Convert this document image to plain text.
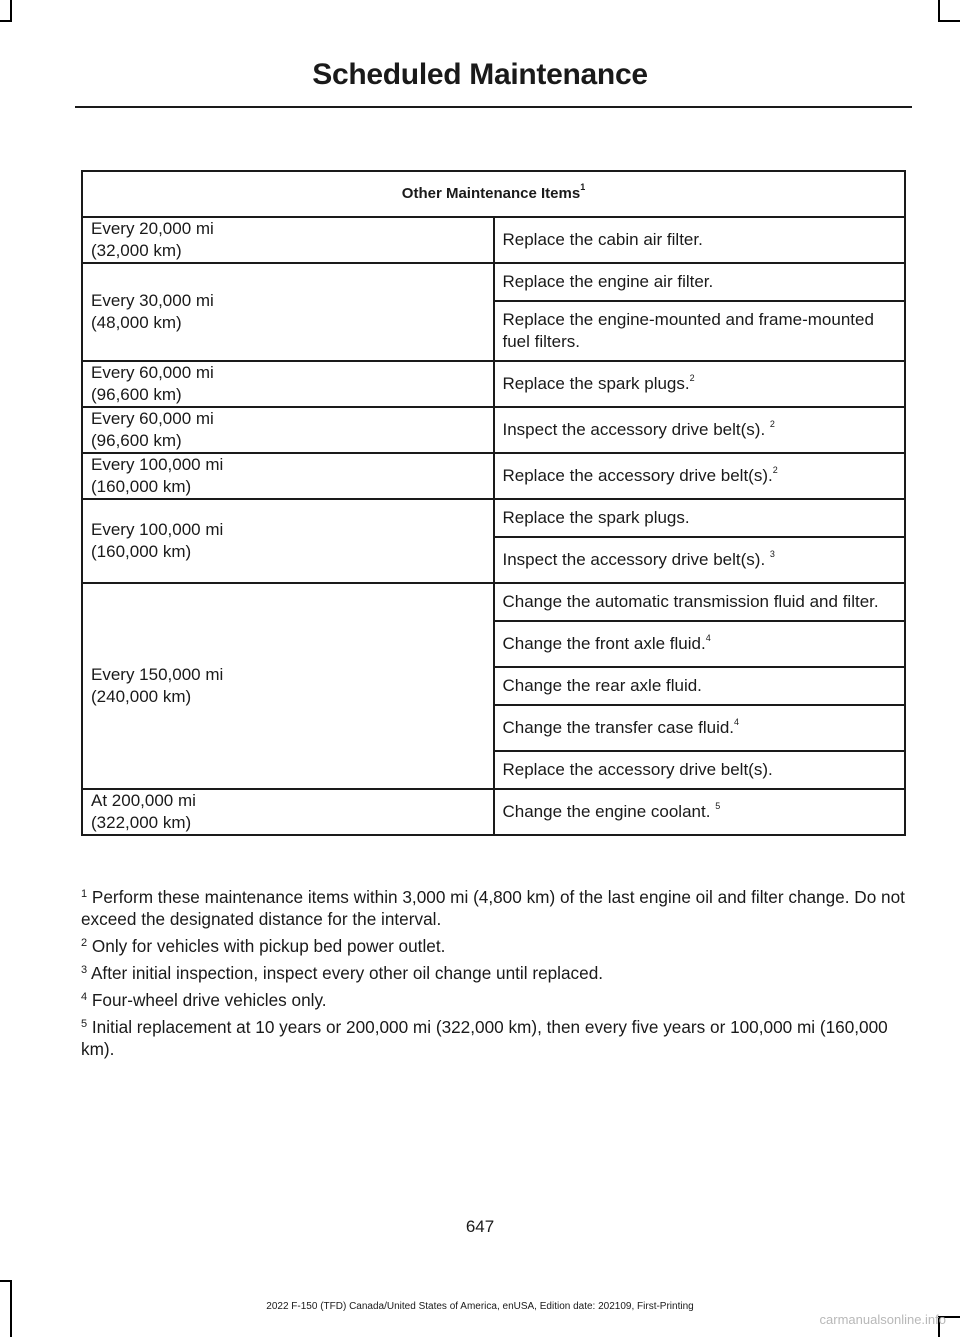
Scheduled Maintenance
Other Maintenance Items$^1$

Every 20,000 mi
(32,000 km)	Replace the cabin air filter.

Every 30,000 mi
(48,000 km)	Replace the engine air filter.
	Replace the engine-mounted and frame-mounted fuel filters.

Every 60,000 mi
(96,600 km)	Replace the spark plugs.$^2$

Every 60,000 mi
(96,600 km)	Inspect the accessory drive belt(s). $^2$

Every 100,000 mi
(160,000 km)	Replace the accessory drive belt(s).$^2$

Every 100,000 mi
(160,000 km)	Replace the spark plugs.
	Inspect the accessory drive belt(s). $^3$

Every 150,000 mi
(240,000 km)	Change the automatic transmission fluid and filter.
	Change the front axle fluid.$^4$
	Change the rear axle fluid.
	Change the transfer case fluid.$^4$
	Replace the accessory drive belt(s).

At 200,000 mi
(322,000 km)	Change the engine coolant. $^5$

$^1$ Perform these maintenance items within 3,000 mi (4,800 km) of the last engine oil and filter change. Do not exceed the designated distance for the interval.

$^2$ Only for vehicles with pickup bed power outlet.

$^3$ After initial inspection, inspect every other oil change until replaced.

$^4$ Four-wheel drive vehicles only.

$^5$ Initial replacement at 10 years or 200,000 mi (322,000 km), then every five years or 100,000 mi (160,000 km).

647
2022 F-150 (TFD) Canada/United States of America, enUSA, Edition date: 202109, First-Printing
carmanualsonline.info
